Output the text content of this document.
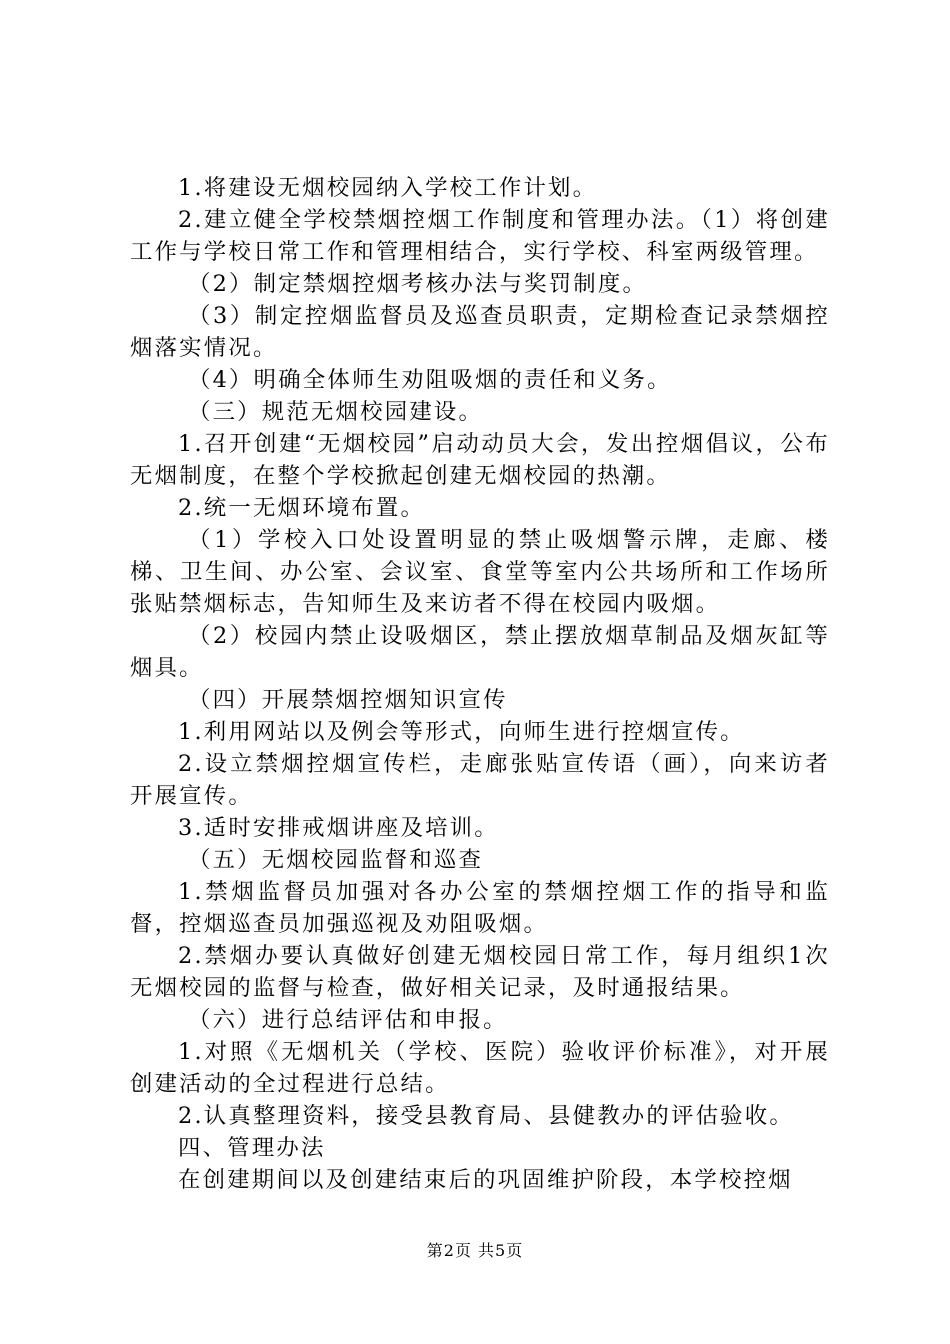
1.将建设无烟校园纳入学校工作计划。

2.建立健全学校禁烟控烟工作制度和管理办法。（1）将创建工作与学校日常工作和管理相结合，实行学校、科室两级管理。

（2）制定禁烟控烟考核办法与奖罚制度。

（3）制定控烟监督员及巡查员职责，定期检查记录禁烟控烟落实情况。

（4）明确全体师生劝阻吸烟的责任和义务。

（三）规范无烟校园建设。

1.召开创建“无烟校园”启动动员大会，发出控烟倡议，公布无烟制度，在整个学校掀起创建无烟校园的热潮。

2.统一无烟环境布置。

（1）学校入口处设置明显的禁止吸烟警示牌，走廊、楼梯、卫生间、办公室、会议室、食堂等室内公共场所和工作场所张贴禁烟标志，告知师生及来访者不得在校园内吸烟。

（2）校园内禁止设吸烟区，禁止摆放烟草制品及烟灰缸等烟具。

（四）开展禁烟控烟知识宣传

1.利用网站以及例会等形式，向师生进行控烟宣传。

2.设立禁烟控烟宣传栏，走廊张贴宣传语（画），向来访者开展宣传。

3.适时安排戒烟讲座及培训。

（五）无烟校园监督和巡查

1.禁烟监督员加强对各办公室的禁烟控烟工作的指导和监督，控烟巡查员加强巡视及劝阻吸烟。

2.禁烟办要认真做好创建无烟校园日常工作，每月组织1次无烟校园的监督与检查，做好相关记录，及时通报结果。

（六）进行总结评估和申报。

1.对照《无烟机关（学校、医院）验收评价标准》，对开展创建活动的全过程进行总结。

2.认真整理资料，接受县教育局、县健教办的评估验收。

四、管理办法

在创建期间以及创建结束后的巩固维护阶段，本学校控烟

第2页 共5页
